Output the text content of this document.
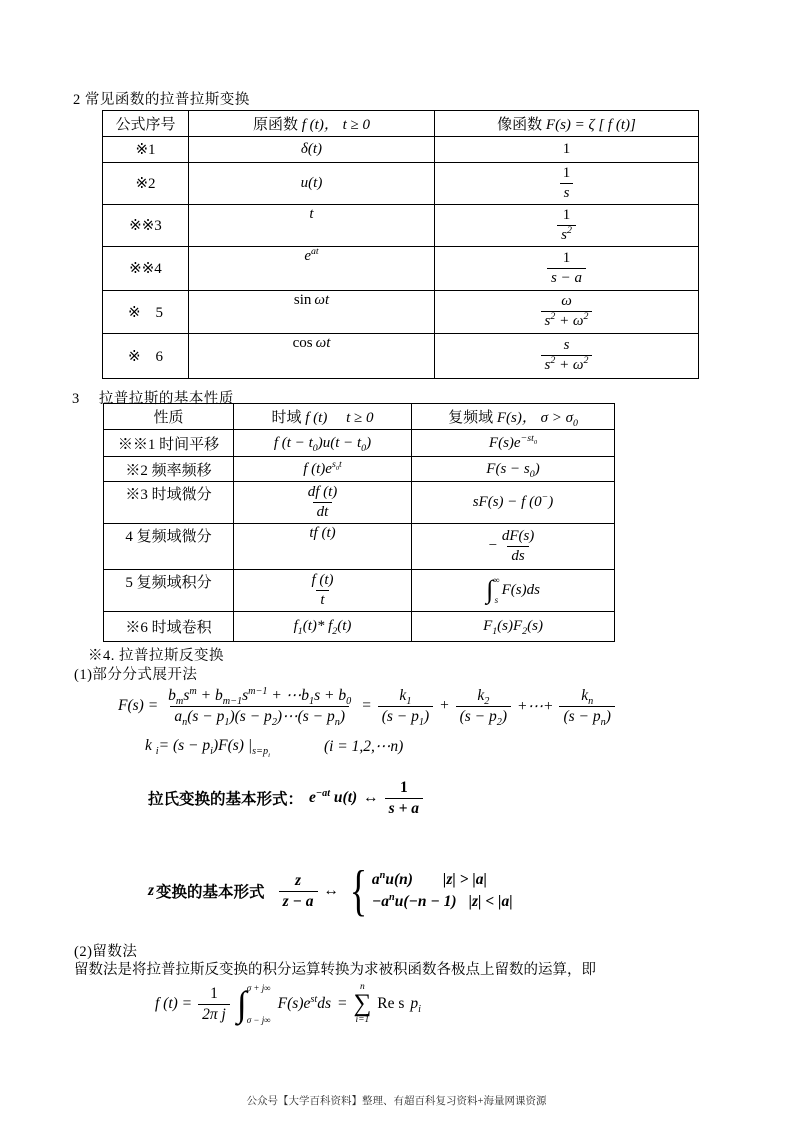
2 常见函数的拉普拉斯变换
公式序号	原函数 f (t)， t ≥ 0	像函数 F(s) = ζ [ f (t)]
※1	δ(t)	1
※2	u(t)	$\frac{1}{s}$

※※3	t	$\frac{1}{s^2}$

※※4	$e^{at}$	$\frac{1}{s - a}$

※　5	sin ωt	$\frac{\omega}{s^2 + \omega^2}$

※　6	cos ωt	$\frac{s}{s^2 + \omega^2}$
3　 拉普拉斯的基本性质
性质	时域 f (t)　 t ≥ 0	复频域 F(s)， $\sigma > \sigma_0$
※※1 时间平移	f $(t - t_0)u(t - t_0)$	$F(s)e^{-st_0}$
※2 频率频移	f $(t)e^{s_0t}$	$F(s - s_0)$
※3 时域微分	$\frac{df (t)}{dt}$	sF(s) − f (0−)
4 复频域微分	tf (t)	− $\frac{dF(s)}{ds}$

5 复频域积分	$\frac{f (t)}{t}$	∫ ∞
s
F(s)ds

※6 时域卷积	$f_1(t)*$ $f_2(t)$	$F_1(s)F_2(s)$
※4. 拉普拉斯反变换
(1)部分分式展开法
$F(s) = \frac{b_ms^m + b_{m-1}s^{m-1} + \cdots b_1s + b_0}{a_n(s - p_1)(s - p_2)\cdots(s - p_n)} = \frac{k_1}{(s - p_1)} + \frac{k_2}{(s - p_2)}$ +⋯+ $\frac{k_n}{(s - p_n)}$
k $_i= (s - p_i)F(s)$ $|_{s=p_i}$
(i = 1,2,⋯n)
拉氏变换的基本形式： $e^{-at}$ u(t) ↔ $\frac{1}{s + a}$
z 变换的基本形式 $\frac{z}{z - a}$ ↔ { $a^nu(n) |z| > |a|$
$-a^nu(-n - 1) |z| < |a|$
(2)留数法
留数法是将拉普拉斯反变换的积分运算转换为求被积函数各极点上留数的运算，即
f $(t) = \frac{1}{\text{2π j}}$ ∫ σ + j∞
σ − j∞
$F(s)e^{st}ds$ =
n
∑
i=1
Re s $p_i$
公众号【大学百科资料】整理、有超百科复习资料+海量网课资源
